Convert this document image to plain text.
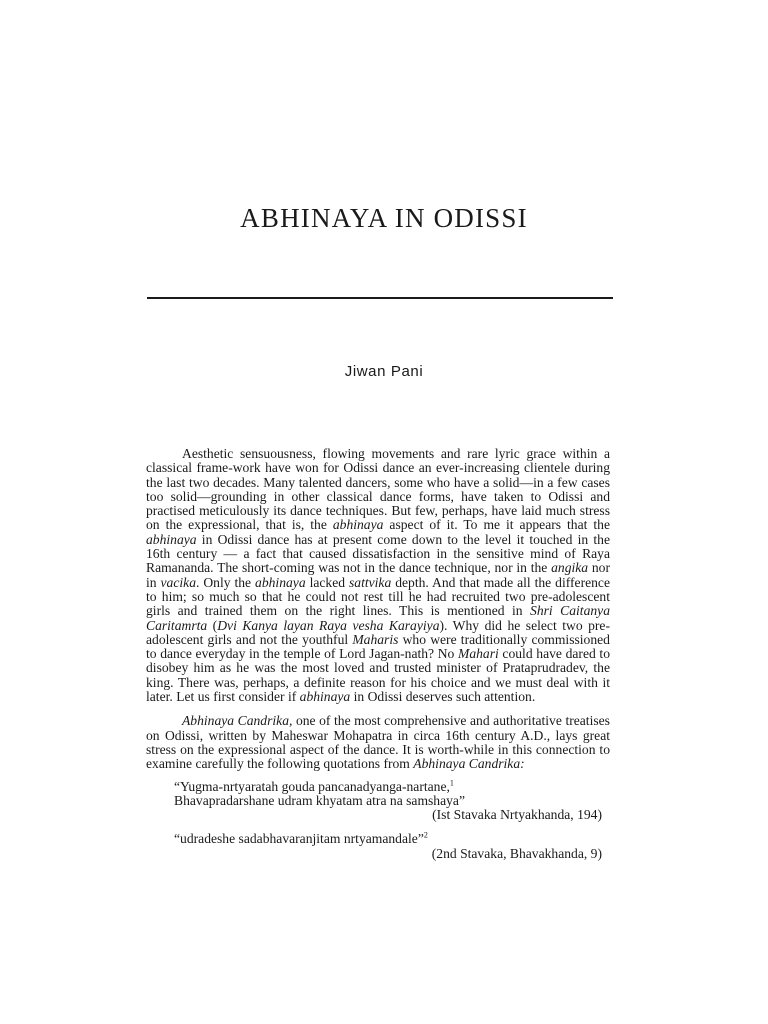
ABHINAYA IN ODISSI
Jiwan Pani

Aesthetic sensuousness, flowing movements and rare lyric grace within a classical frame-work have won for Odissi dance an ever-increasing clientele during the last two decades. Many talented dancers, some who have a solid—in a few cases too solid—grounding in other classical dance forms, have taken to Odissi and practised meticulously its dance techniques. But few, perhaps, have laid much stress on the expressional, that is, the abhinaya aspect of it. To me it appears that the abhinaya in Odissi dance has at present come down to the level it touched in the 16th century — a fact that caused dissatisfaction in the sensitive mind of Raya Ramananda. The short-coming was not in the dance technique, nor in the angika nor in vacika. Only the abhinaya lacked sattvika depth. And that made all the difference to him; so much so that he could not rest till he had recruited two pre-adolescent girls and trained them on the right lines. This is mentioned in Shri Caitanya Caritamrta (Dvi Kanya layan Raya vesha Karayiya). Why did he select two pre-adolescent girls and not the youthful Maharis who were traditionally commissioned to dance everyday in the temple of Lord Jagan-nath? No Mahari could have dared to disobey him as he was the most loved and trusted minister of Prataprudradev, the king. There was, perhaps, a definite reason for his choice and we must deal with it later. Let us first consider if abhinaya in Odissi deserves such attention.

Abhinaya Candrika, one of the most comprehensive and authoritative treatises on Odissi, written by Maheswar Mohapatra in circa 16th century A.D., lays great stress on the expressional aspect of the dance. It is worth-while in this connection to examine carefully the following quotations from Abhinaya Candrika:

“Yugma-nrtyaratah gouda pancanadyanga-nartane,$^1$
Bhavapradarshane udram khyatam atra na samshaya”
(Ist Stavaka Nrtyakhanda, 194)
“udradeshe sadabhavaranjitam nrtyamandale”$^2$
(2nd Stavaka, Bhavakhanda, 9)
